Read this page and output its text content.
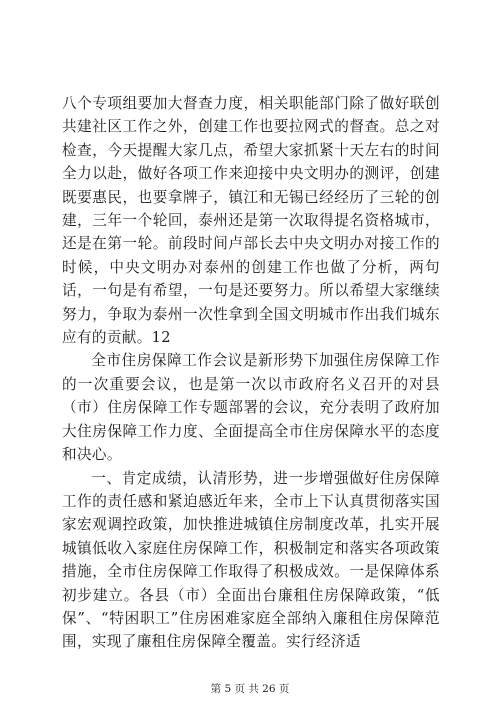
八个专项组要加大督查力度，相关职能部门除了做好联创共建社区工作之外，创建工作也要拉网式的督查。总之对检查，今天提醒大家几点，希望大家抓紧十天左右的时间全力以赴，做好各项工作来迎接中央文明办的测评，创建既要惠民，也要拿牌子，镇江和无锡已经经历了三轮的创建，三年一个轮回，泰州还是第一次取得提名资格城市，还是在第一轮。前段时间卢部长去中央文明办对接工作的时候，中央文明办对泰州的创建工作也做了分析，两句话，一句是有希望，一句是还要努力。所以希望大家继续努力，争取为泰州一次性拿到全国文明城市作出我们城东应有的贡献。12

全市住房保障工作会议是新形势下加强住房保障工作的一次重要会议，也是第一次以市政府名义召开的对县（市）住房保障工作专题部署的会议，充分表明了政府加大住房保障工作力度、全面提高全市住房保障水平的态度和决心。

一、肯定成绩，认清形势，进一步增强做好住房保障工作的责任感和紧迫感近年来，全市上下认真贯彻落实国家宏观调控政策，加快推进城镇住房制度改革，扎实开展城镇低收入家庭住房保障工作，积极制定和落实各项政策措施，全市住房保障工作取得了积极成效。一是保障体系初步建立。各县（市）全面出台廉租住房保障政策，“低保”、“特困职工”住房困难家庭全部纳入廉租住房保障范围，实现了廉租住房保障全覆盖。实行经济适

第 5 页 共 26 页
